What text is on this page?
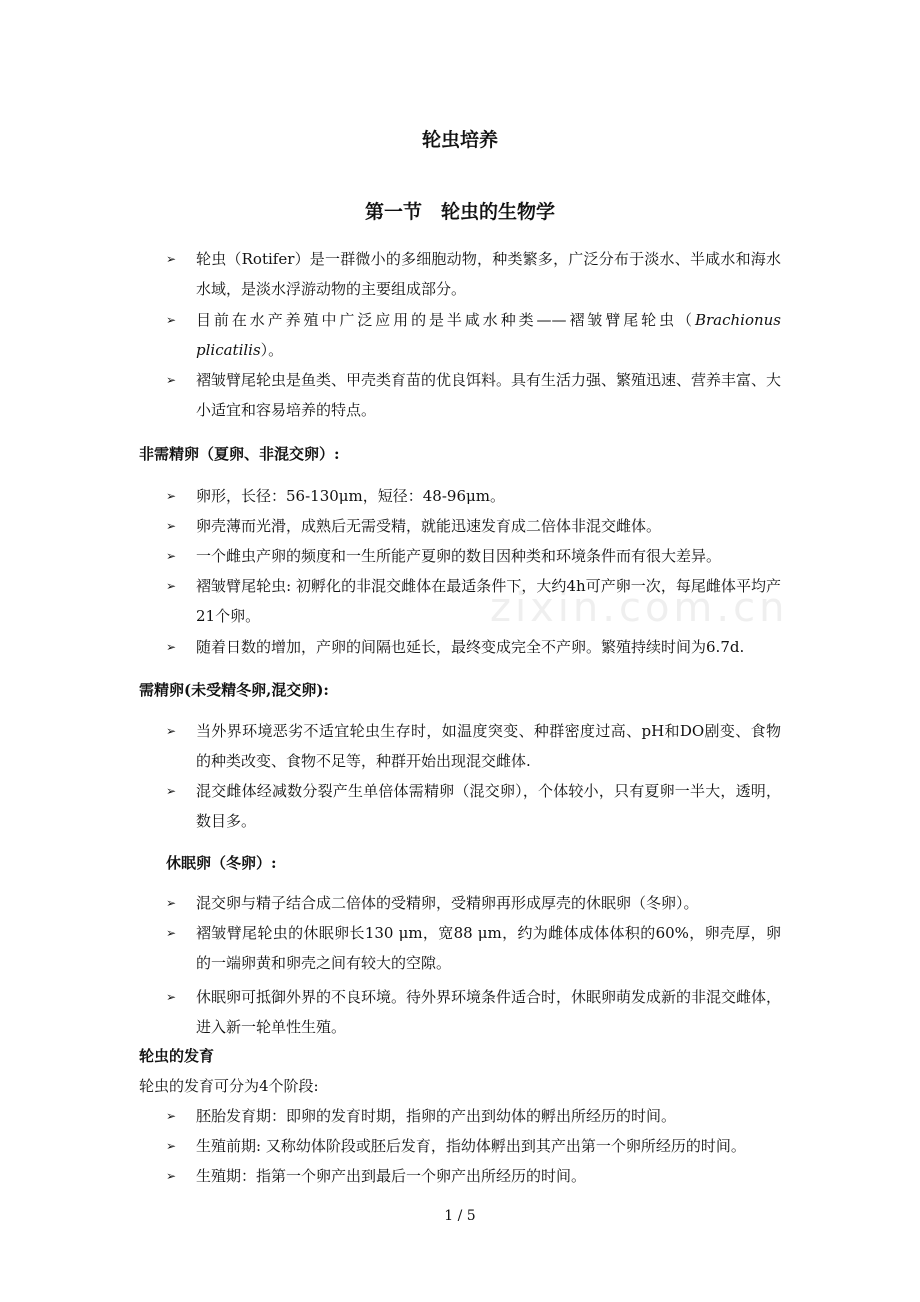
zixin.com.cn
轮虫培养
第一节　轮虫的生物学
➢	轮虫（Rotifer）是一群微小的多细胞动物，种类繁多，广泛分布于淡水、半咸水和海水水域，是淡水浮游动物的主要组成部分。
➢	目前在水产养殖中广泛应用的是半咸水种类——褶皱臂尾轮虫（Brachionus plicatilis）。
➢	褶皱臂尾轮虫是鱼类、甲壳类育苗的优良饵料。具有生活力强、繁殖迅速、营养丰富、大小适宜和容易培养的特点。
非需精卵（夏卵、非混交卵）:
➢	卵形，长径：56-130μm，短径：48-96μm。
➢	卵壳薄而光滑，成熟后无需受精，就能迅速发育成二倍体非混交雌体。
➢	一个雌虫产卵的频度和一生所能产夏卵的数目因种类和环境条件而有很大差异。
➢	褶皱臂尾轮虫: 初孵化的非混交雌体在最适条件下，大约4h可产卵一次，每尾雌体平均产21个卵。
➢	随着日数的增加，产卵的间隔也延长，最终变成完全不产卵。繁殖持续时间为6.7d.
需精卵(未受精冬卵,混交卵):
➢	当外界环境恶劣不适宜轮虫生存时，如温度突变、种群密度过高、pH和DO剧变、食物的种类改变、食物不足等，种群开始出现混交雌体.
➢	混交雌体经减数分裂产生单倍体需精卵（混交卵），个体较小，只有夏卵一半大，透明，数目多。
休眠卵（冬卵）:
➢	混交卵与精子结合成二倍体的受精卵，受精卵再形成厚壳的休眠卵（冬卵）。
➢	褶皱臂尾轮虫的休眠卵长130 μm，宽88 μm，约为雌体成体体积的60%，卵壳厚，卵的一端卵黄和卵壳之间有较大的空隙。
➢	休眠卵可抵御外界的不良环境。待外界环境条件适合时，休眠卵萌发成新的非混交雌体，进入新一轮单性生殖。
轮虫的发育
轮虫的发育可分为4个阶段:
➢	胚胎发育期：即卵的发育时期，指卵的产出到幼体的孵出所经历的时间。
➢	生殖前期: 又称幼体阶段或胚后发育，指幼体孵出到其产出第一个卵所经历的时间。
➢	生殖期：指第一个卵产出到最后一个卵产出所经历的时间。
1 / 5
